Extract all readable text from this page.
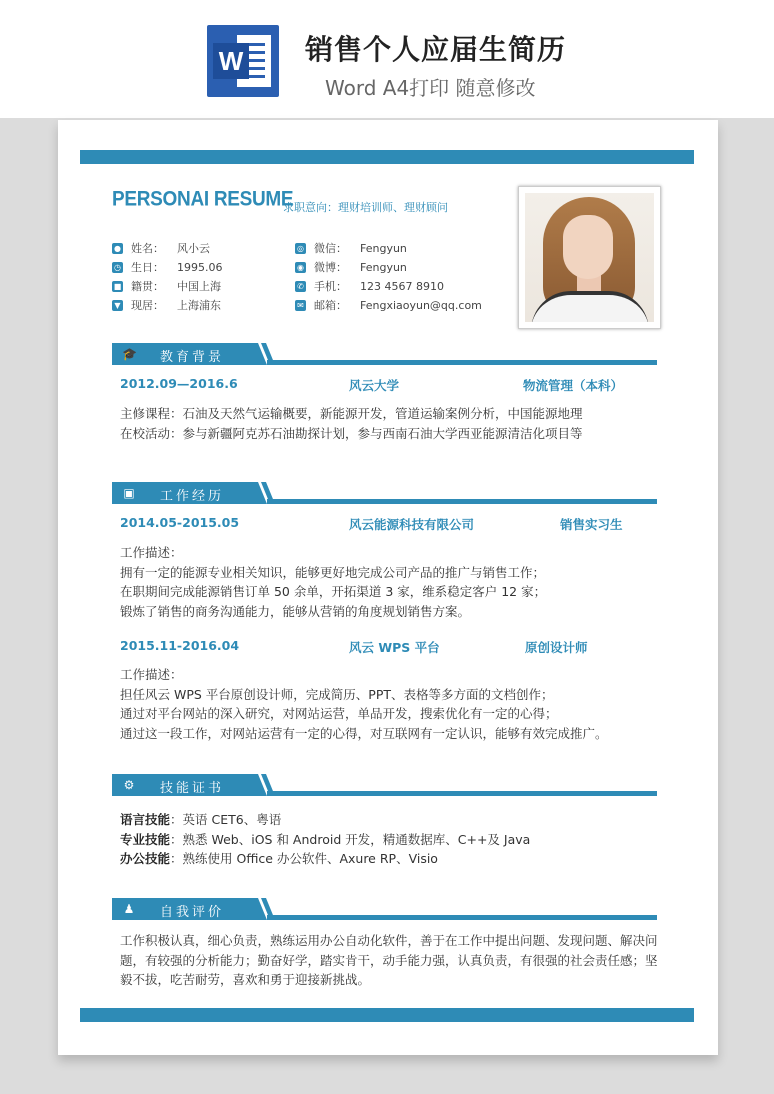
W 销售个人应届生简历
Word A4打印 随意修改
PERSONAI RESUME
求职意向：理财培训师、理财顾问
● 姓名：	风小云
◷ 生日：	1995.06
■ 籍贯：	中国上海
▼ 现居：	上海浦东
◎ 微信：	Fengyun
◉ 微博：	Fengyun
✆ 手机：	123 4567 8910
✉ 邮箱：	Fengxiaoyun@qq.com
🎓 教育背景
2012.09—2016.6	风云大学	物流管理（本科）
主修课程：石油及天然气运输概要，新能源开发，管道运输案例分析，中国能源地理
在校活动：参与新疆阿克苏石油勘探计划，参与西南石油大学西亚能源清洁化项目等
▣ 工作经历
2014.05-2015.05	风云能源科技有限公司	销售实习生
工作描述：
拥有一定的能源专业相关知识，能够更好地完成公司产品的推广与销售工作；
在职期间完成能源销售订单 50 余单，开拓渠道 3 家，维系稳定客户 12 家；
锻炼了销售的商务沟通能力，能够从营销的角度规划销售方案。
2015.11-2016.04	风云 WPS 平台	原创设计师
工作描述：
担任风云 WPS 平台原创设计师，完成简历、PPT、表格等多方面的文档创作；
通过对平台网站的深入研究，对网站运营，单品开发，搜索优化有一定的心得；
通过这一段工作，对网站运营有一定的心得，对互联网有一定认识，能够有效完成推广。
⚙ 技能证书
语言技能：英语 CET6、粤语
专业技能：熟悉 Web、iOS 和 Android 开发，精通数据库、C++及 Java
办公技能：熟练使用 Office 办公软件、Axure RP、Visio
♟ 自我评价
工作积极认真，细心负责，熟练运用办公自动化软件，善于在工作中提出问题、发现问题、解决问
题，有较强的分析能力；勤奋好学，踏实肯干，动手能力强，认真负责，有很强的社会责任感；坚
毅不拔，吃苦耐劳，喜欢和勇于迎接新挑战。
